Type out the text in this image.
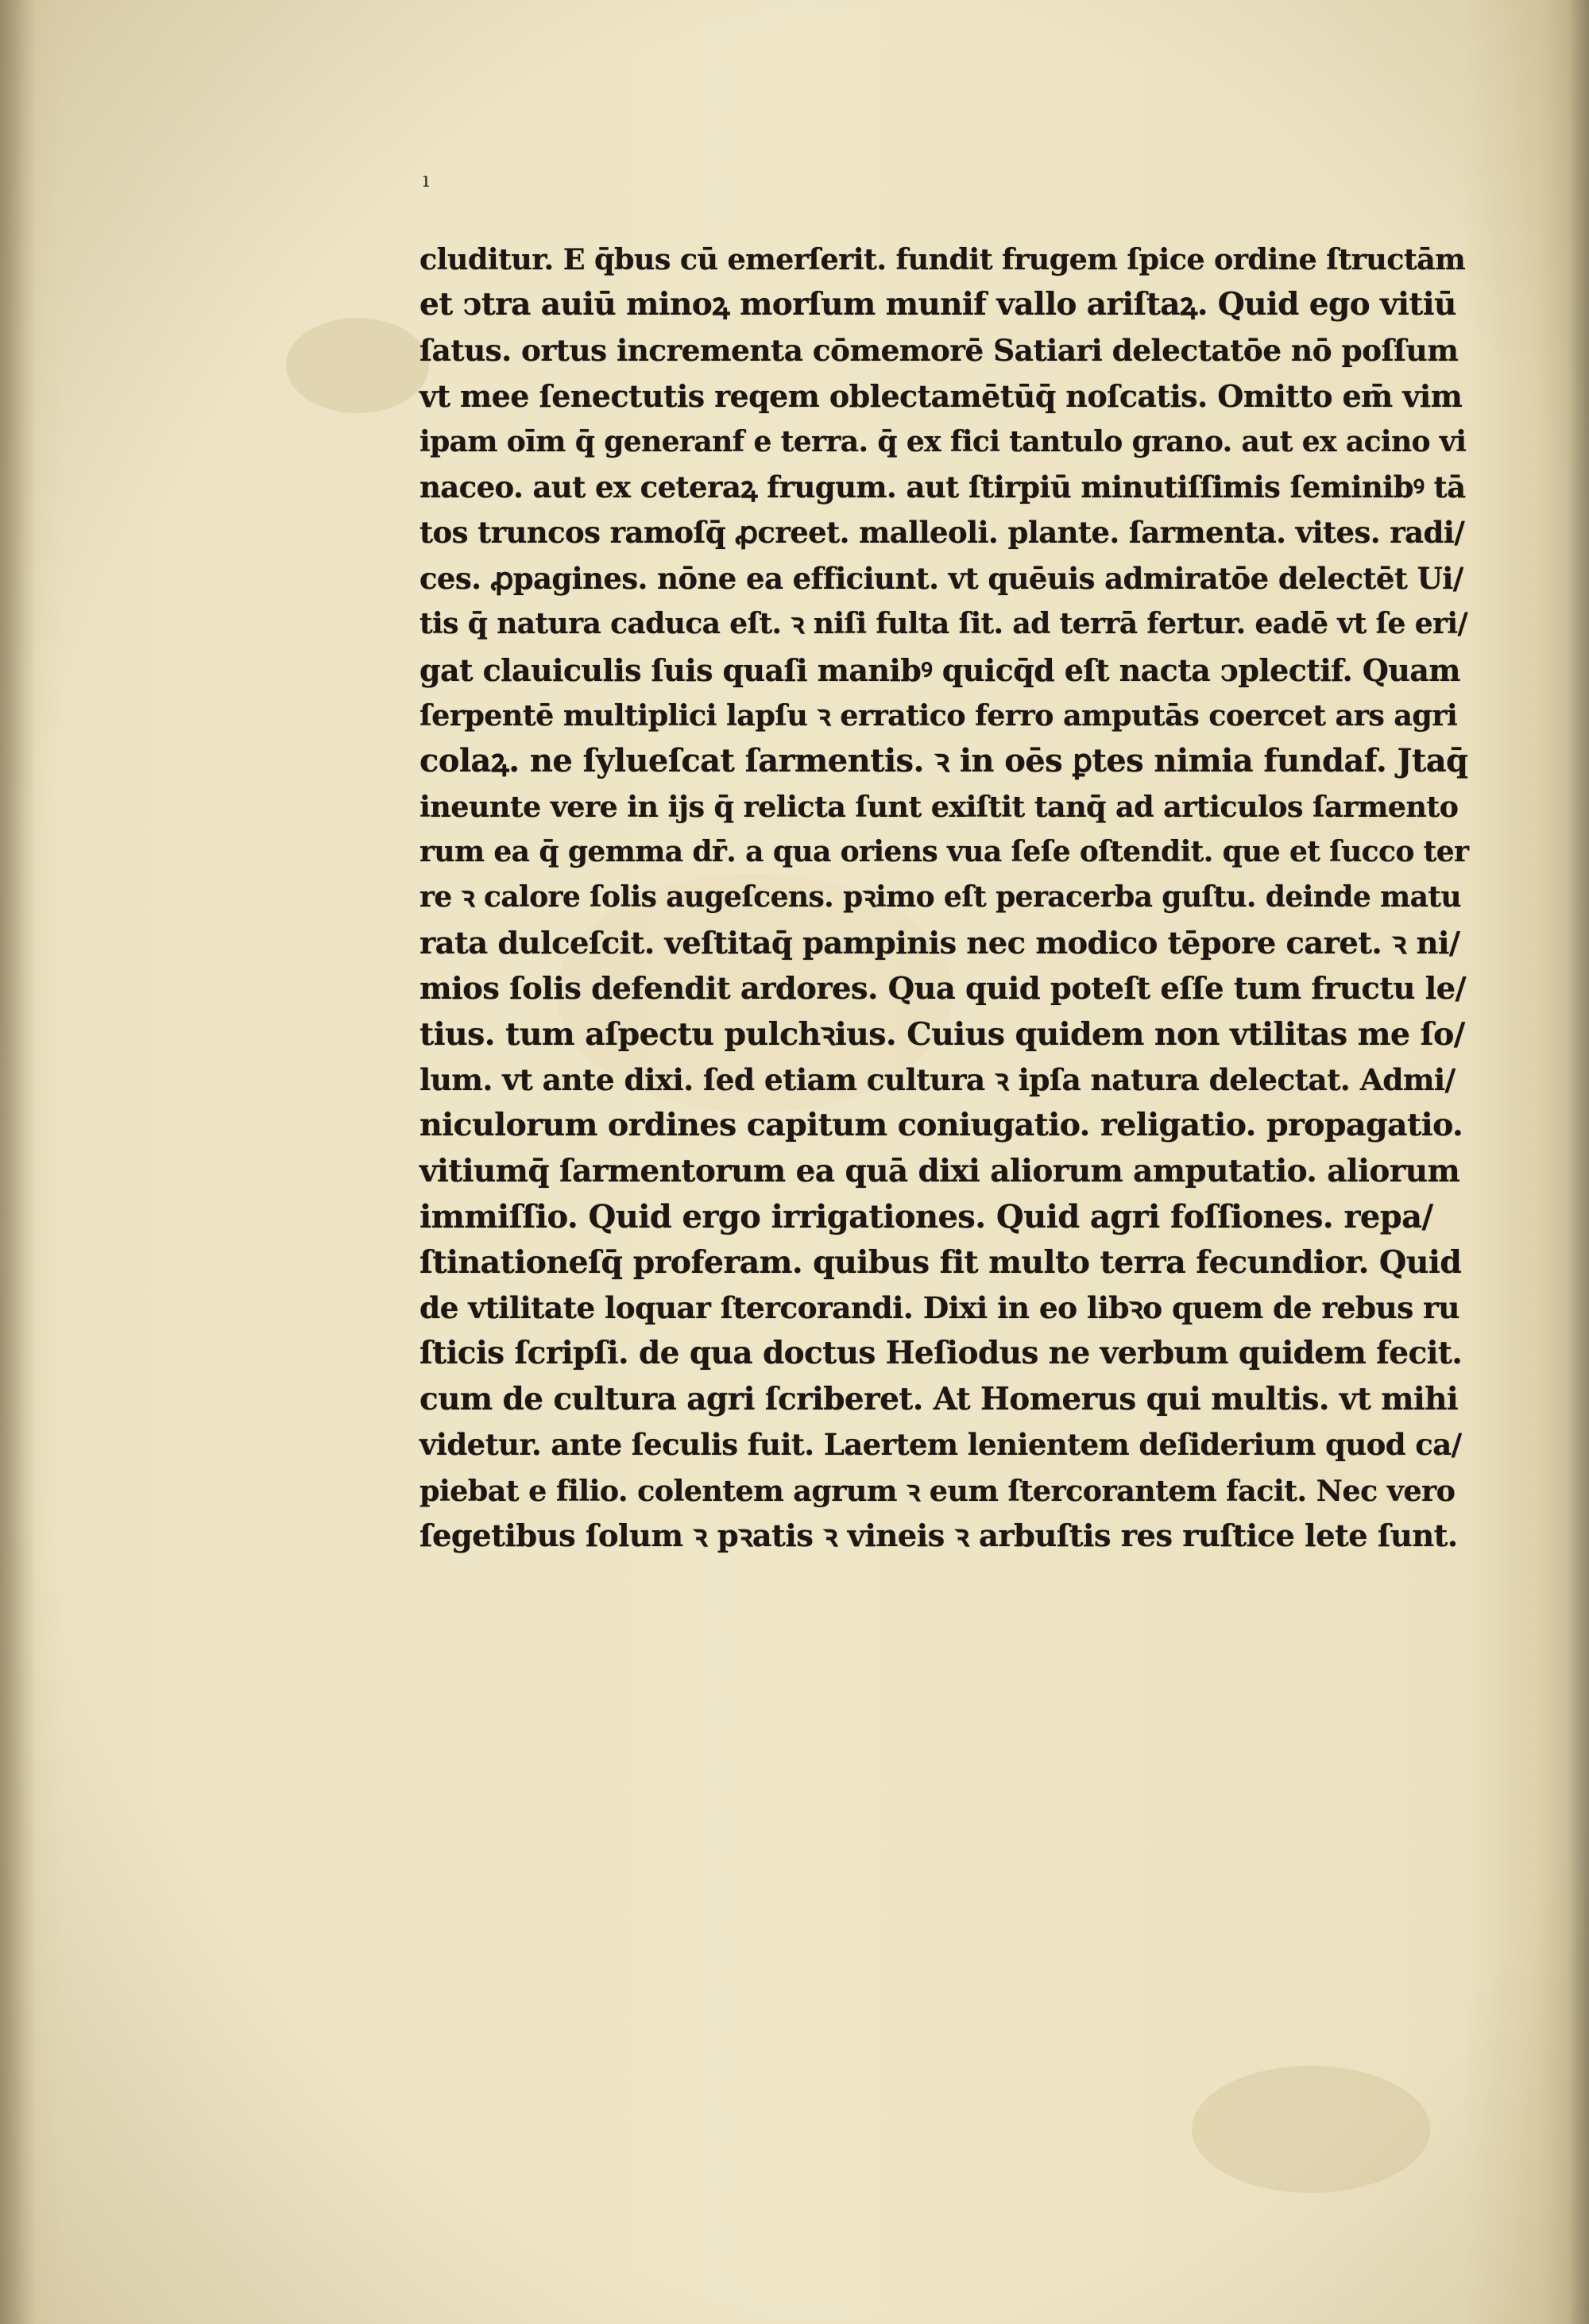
ı
cluditur. E q̄bus cū emerſerit. fundit frugem ſpice ordine ſtructām
et ↄtra auiū minoꝝ morſum munif vallo ariſtaꝝ. Quid ego vitiū
ſatus. ortus incrementa cōmemorē Satiari delectatōe nō poſſum
vt mee ſenectutis reqem oblectamētūq̄ noſcatis. Omitto em̄ vim
ipam oīm q̄ generanf e terra. q̄ ex fici tantulo grano. aut ex acino vi
naceo. aut ex ceteraꝝ frugum. aut ſtirpiū minutiſſimis ſeminibꝰ tā
tos truncos ramoſq̄ ꝓcreet. malleoli. plante. ſarmenta. vites. radi/
ces. ꝓpagines. nōne ea efficiunt. vt quēuis admiratōe delectēt Ui/
tis q̄ natura caduca eſt. ꝛ niſi fulta ſit. ad terrā fertur. eadē vt ſe eri/
gat clauiculis ſuis quaſi manibꝰ quicq̄d eſt nacta ↄplectif. Quam
ſerpentē multiplici lapſu ꝛ erratico ferro amputās coercet ars agri
colaꝝ. ne ſylueſcat ſarmentis. ꝛ in oēs ꝑtes nimia fundaf. Jtaq̄
ineunte vere in ijs q̄ relicta ſunt exiſtit tanq̄ ad articulos ſarmento
rum ea q̄ gemma dr̄. a qua oriens vua ſeſe oſtendit. que et ſucco ter
re ꝛ calore ſolis augeſcens. pꝛimo eſt peracerba guſtu. deinde matu
rata dulceſcit. veſtitaq̄ pampinis nec modico tēpore caret. ꝛ ni/
mios ſolis defendit ardores. Qua quid poteſt eſſe tum fructu le/
tius. tum aſpectu pulchꝛius. Cuius quidem non vtilitas me ſo/
lum. vt ante dixi. ſed etiam cultura ꝛ ipſa natura delectat. Admi/
niculorum ordines capitum coniugatio. religatio. propagatio.
vitiumq̄ ſarmentorum ea quā dixi aliorum amputatio. aliorum
immiſſio. Quid ergo irrigationes. Quid agri foſſiones. repa/
ſtinationeſq̄ proferam. quibus fit multo terra fecundior. Quid
de vtilitate loquar ſtercorandi. Dixi in eo libꝛo quem de rebus ru
ſticis ſcripſi. de qua doctus Heſiodus ne verbum quidem fecit.
cum de cultura agri ſcriberet. At Homerus qui multis. vt mihi
videtur. ante ſeculis fuit. Laertem lenientem deſiderium quod ca/
piebat e filio. colentem agrum ꝛ eum ſtercorantem facit. Nec vero
ſegetibus ſolum ꝛ pꝛatis ꝛ vineis ꝛ arbuſtis res ruſtice lete ſunt.
